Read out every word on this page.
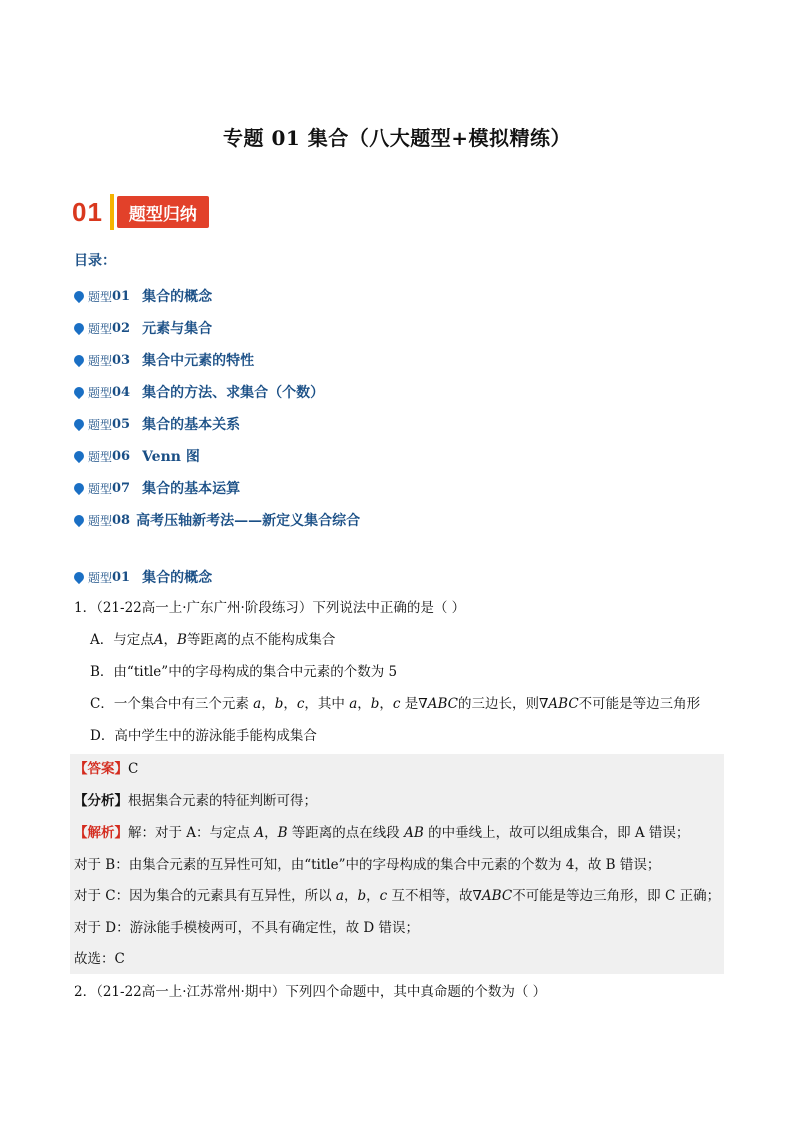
专题 01 集合（八大题型+模拟精练）
01	题型归纳
目录：
题型 01 集合的概念
题型 02 元素与集合
题型 03 集合中元素的特性
题型 04 集合的方法、求集合（个数）
题型 05 集合的基本关系
题型 06 Venn 图
题型 07 集合的基本运算
题型 08 高考压轴新考法——新定义集合综合
题型 01 集合的概念
1．（21-22高一上·广东广州·阶段练习）下列说法中正确的是（ ）
A．与定点A，B等距离的点不能构成集合
B．由“title”中的字母构成的集合中元素的个数为 5
C．一个集合中有三个元素 a，b，c，其中 a，b，c 是∇ABC的三边长，则∇ABC不可能是等边三角形
D．高中学生中的游泳能手能构成集合
【答案】C
【分析】根据集合元素的特征判断可得；
【解析】解：对于 A：与定点 A，B 等距离的点在线段 AB 的中垂线上，故可以组成集合，即 A 错误；
对于 B：由集合元素的互异性可知，由“title”中的字母构成的集合中元素的个数为 4，故 B 错误；
对于 C：因为集合的元素具有互异性，所以 a，b，c 互不相等，故∇ABC不可能是等边三角形，即 C 正确；
对于 D：游泳能手模棱两可，不具有确定性，故 D 错误；
故选：C
2．（21-22高一上·江苏常州·期中）下列四个命题中，其中真命题的个数为（ ）
